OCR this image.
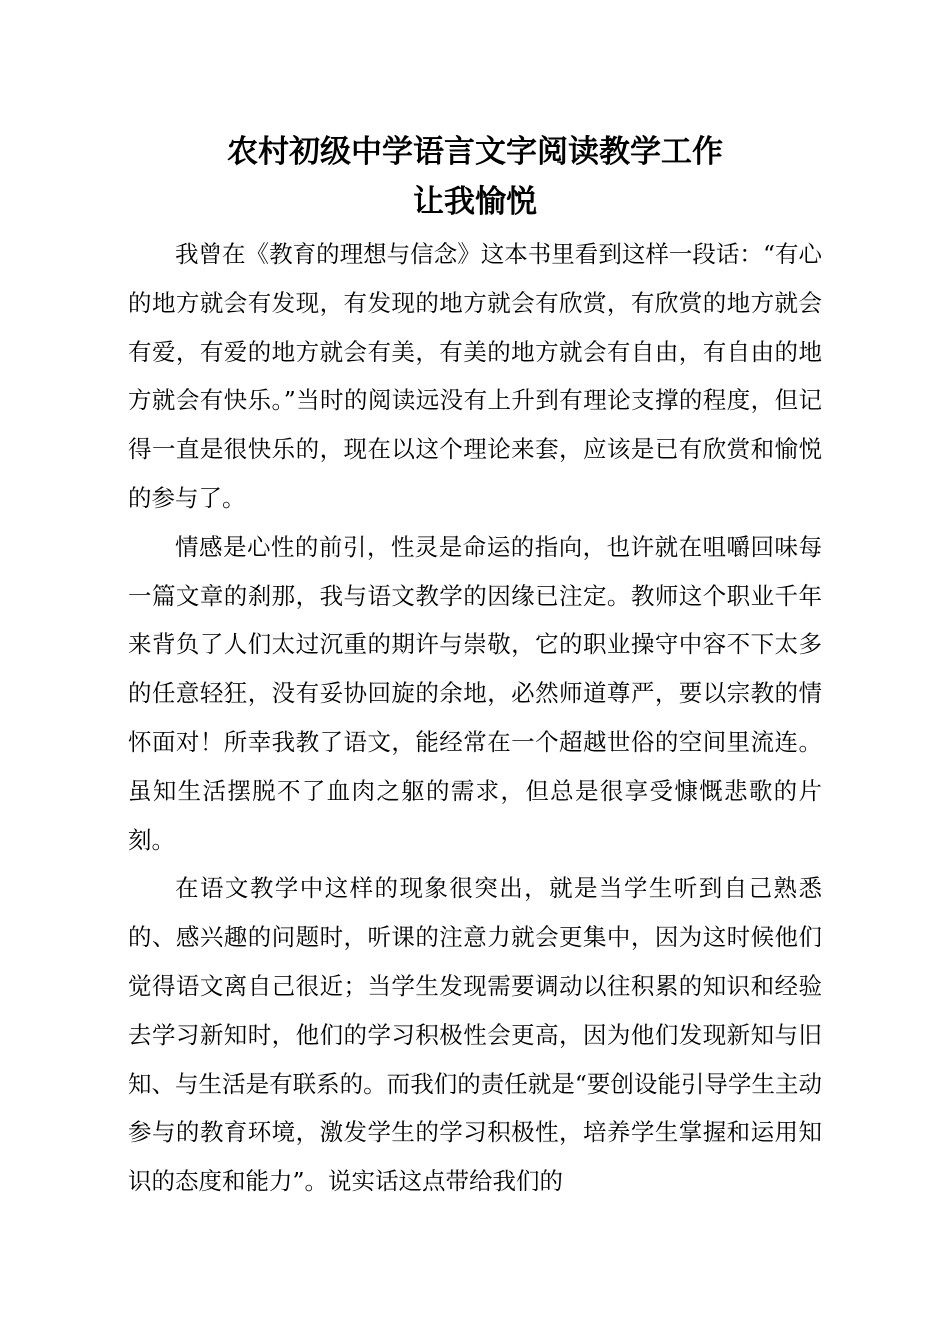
农村初级中学语言文字阅读教学工作
让我愉悦

我曾在《教育的理想与信念》这本书里看到这样一段话：“有心的地方就会有发现，有发现的地方就会有欣赏，有欣赏的地方就会有爱，有爱的地方就会有美，有美的地方就会有自由，有自由的地方就会有快乐。”当时的阅读远没有上升到有理论支撑的程度，但记得一直是很快乐的，现在以这个理论来套，应该是已有欣赏和愉悦的参与了。

情感是心性的前引，性灵是命运的指向，也许就在咀嚼回味每一篇文章的刹那，我与语文教学的因缘已注定。教师这个职业千年来背负了人们太过沉重的期许与崇敬，它的职业操守中容不下太多的任意轻狂，没有妥协回旋的余地，必然师道尊严，要以宗教的情怀面对！所幸我教了语文，能经常在一个超越世俗的空间里流连。虽知生活摆脱不了血肉之躯的需求，但总是很享受慷慨悲歌的片刻。

在语文教学中这样的现象很突出，就是当学生听到自己熟悉的、感兴趣的问题时，听课的注意力就会更集中，因为这时候他们觉得语文离自己很近；当学生发现需要调动以往积累的知识和经验去学习新知时，他们的学习积极性会更高，因为他们发现新知与旧知、与生活是有联系的。而我们的责任就是“要创设能引导学生主动参与的教育环境，激发学生的学习积极性，培养学生掌握和运用知识的态度和能力”。说实话这点带给我们的
